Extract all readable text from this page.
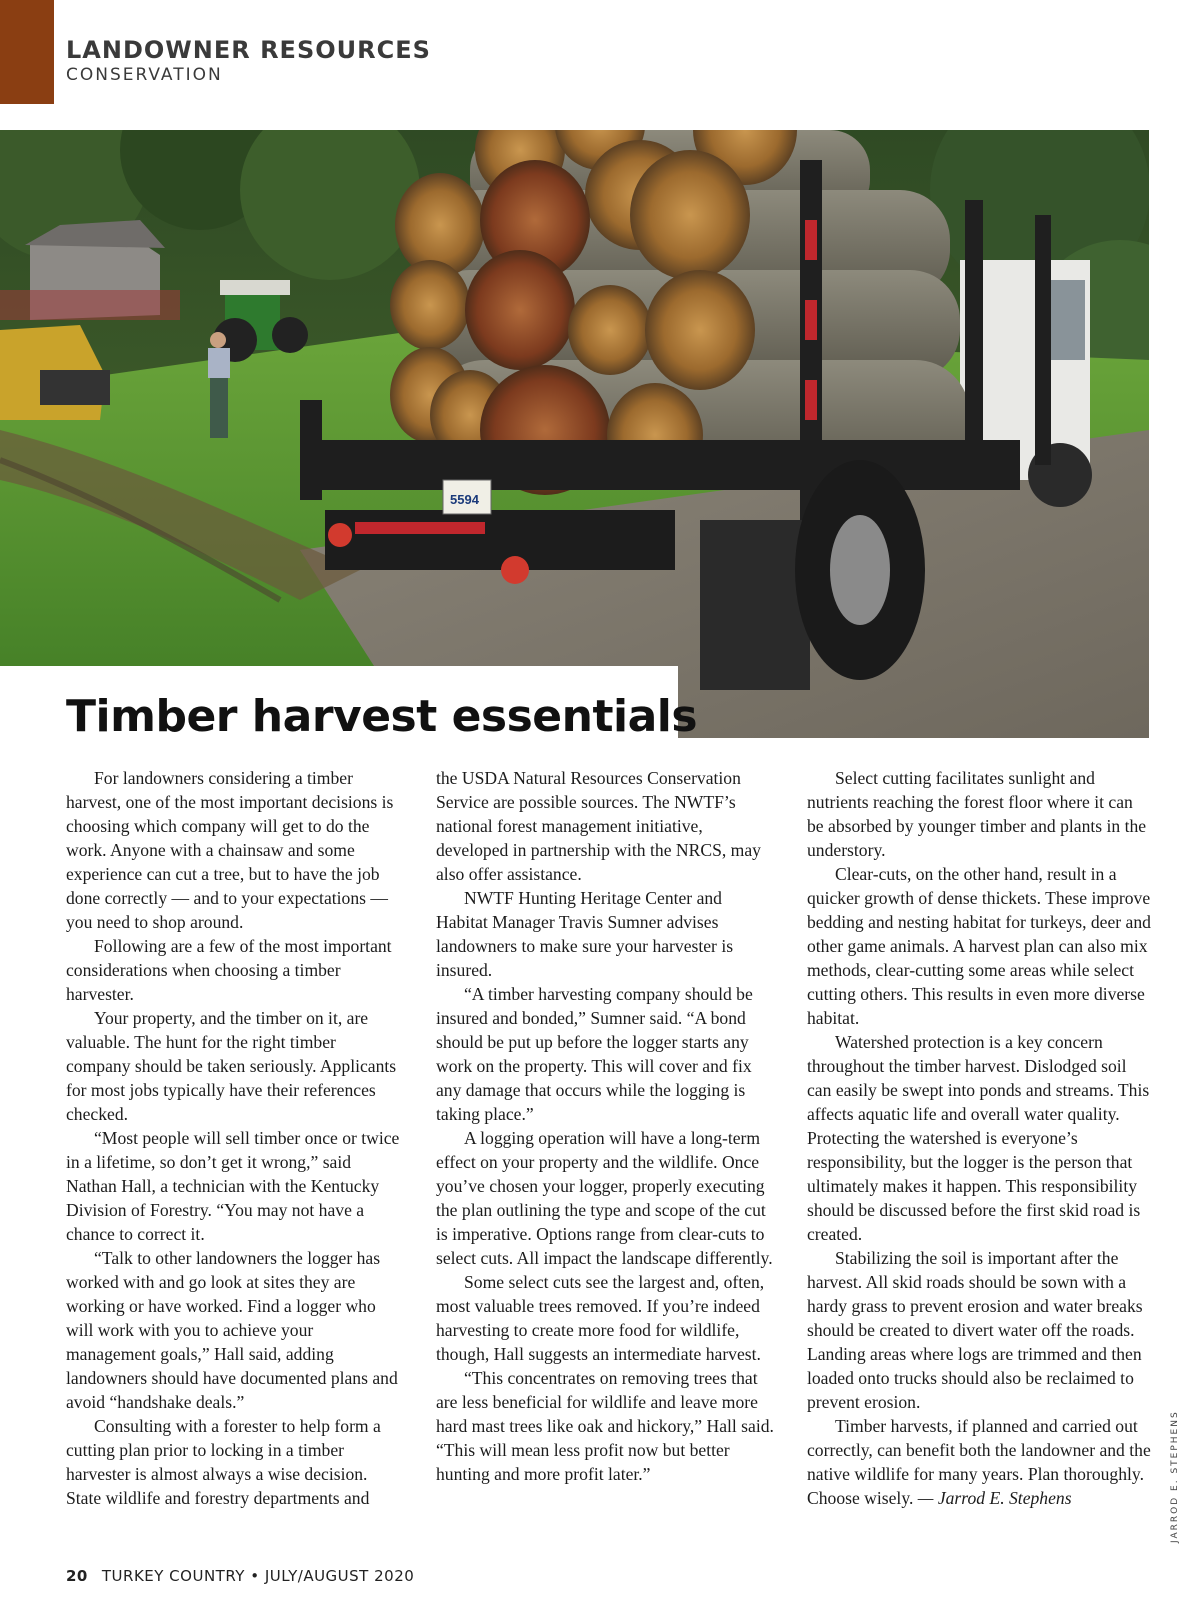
LANDOWNER RESOURCES
CONSERVATION
5594
Timber harvest essentials

For landowners considering a timber harvest, one of the most important decisions is choosing which company will get to do the work. Anyone with a chainsaw and some experience can cut a tree, but to have the job done correctly — and to your expectations — you need to shop around.

Following are a few of the most important considerations when choosing a timber harvester.

Your property, and the timber on it, are valuable. The hunt for the right timber company should be taken seriously. Applicants for most jobs typically have their references checked.

“Most people will sell timber once or twice in a lifetime, so don’t get it wrong,” said Nathan Hall, a technician with the Kentucky Division of Forestry. “You may not have a chance to correct it.

“Talk to other landowners the logger has worked with and go look at sites they are working or have worked. Find a logger who will work with you to achieve your management goals,” Hall said, adding landowners should have documented plans and avoid “handshake deals.”

Consulting with a forester to help form a cutting plan prior to locking in a timber harvester is almost always a wise decision. State wildlife and forestry departments and

the USDA Natural Resources Conservation Service are possible sources. The NWTF’s national forest management initiative, developed in partnership with the NRCS, may also offer assistance.

NWTF Hunting Heritage Center and Habitat Manager Travis Sumner advises landowners to make sure your harvester is insured.

“A timber harvesting company should be insured and bonded,” Sumner said. “A bond should be put up before the logger starts any work on the property. This will cover and fix any damage that occurs while the logging is taking place.”

A logging operation will have a long-term effect on your property and the wildlife. Once you’ve chosen your logger, properly executing the plan outlining the type and scope of the cut is imperative. Options range from clear-cuts to select cuts. All impact the landscape differently.

Some select cuts see the largest and, often, most valuable trees removed. If you’re indeed harvesting to create more food for wildlife, though, Hall suggests an intermediate harvest.

“This concentrates on removing trees that are less beneficial for wildlife and leave more hard mast trees like oak and hickory,” Hall said. “This will mean less profit now but better hunting and more profit later.”

Select cutting facilitates sunlight and nutrients reaching the forest floor where it can be absorbed by younger timber and plants in the understory.

Clear-cuts, on the other hand, result in a quicker growth of dense thickets. These improve bedding and nesting habitat for turkeys, deer and other game animals. A harvest plan can also mix methods, clear-cutting some areas while select cutting others. This results in even more diverse habitat.

Watershed protection is a key concern throughout the timber harvest. Dislodged soil can easily be swept into ponds and streams. This affects aquatic life and overall water quality. Protecting the watershed is everyone’s responsibility, but the logger is the person that ultimately makes it happen. This responsibility should be discussed before the first skid road is created.

Stabilizing the soil is important after the harvest. All skid roads should be sown with a hardy grass to prevent erosion and water breaks should be created to divert water off the roads. Landing areas where logs are trimmed and then loaded onto trucks should also be reclaimed to prevent erosion.

Timber harvests, if planned and carried out correctly, can benefit both the landowner and the native wildlife for many years. Plan thoroughly. Choose wisely. — Jarrod E. Stephens	JARROD E. STEPHENS
20 TURKEY COUNTRY • JULY/AUGUST 2020
